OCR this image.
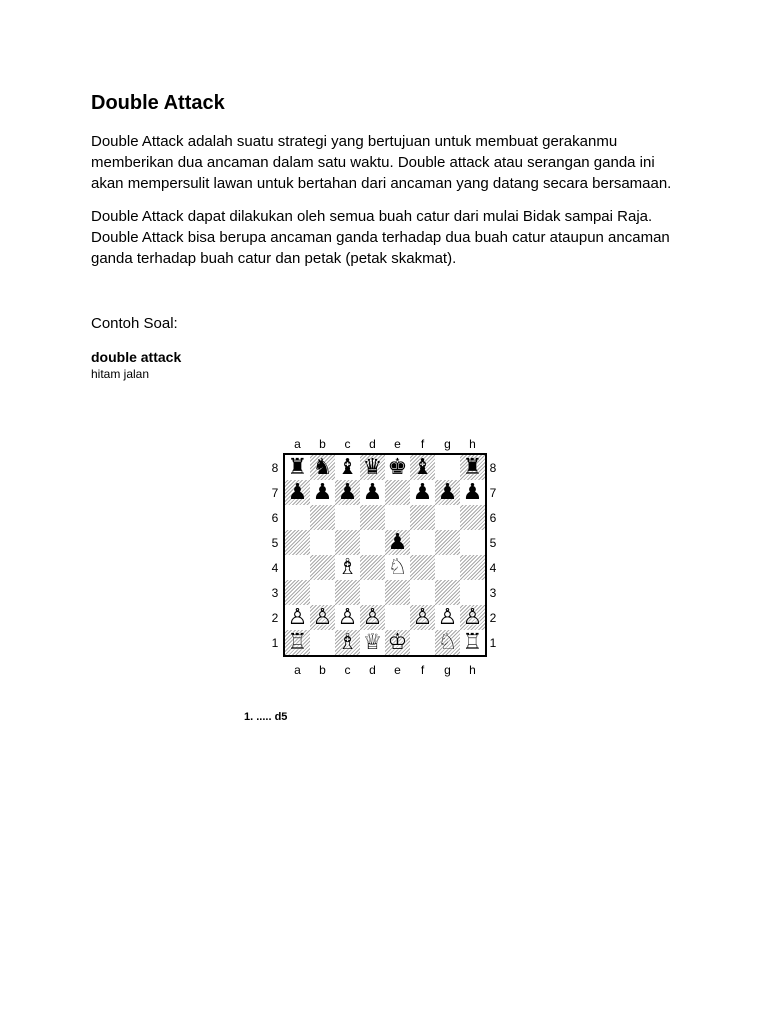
Double Attack

Double Attack adalah suatu strategi yang bertujuan untuk membuat gerakanmu memberikan dua ancaman dalam satu waktu. Double attack atau serangan ganda ini akan mempersulit lawan untuk bertahan dari ancaman yang datang secara bersamaan.

Double Attack dapat dilakukan oleh semua buah catur dari mulai Bidak sampai Raja. Double Attack bisa berupa ancaman ganda terhadap dua buah catur ataupun ancaman ganda terhadap buah catur dan petak (petak skakmat).

Contoh Soal:
double attack
hitam jalan
a
a
b
b
c
c
d
d
e
e
f
f
g
g
h
h
8	8
7	7
6	6
5	5
4	4
3	3
2	2
1	1
♜ ♞ ♝ ♛ ♚ ♝ ♜
♟ ♟ ♟ ♟ ♟ ♟ ♟
♟
♗ ♘
♙ ♙ ♙ ♙ ♙ ♙ ♙
♖ ♗ ♕ ♔ ♘ ♖
1. ..... d5
